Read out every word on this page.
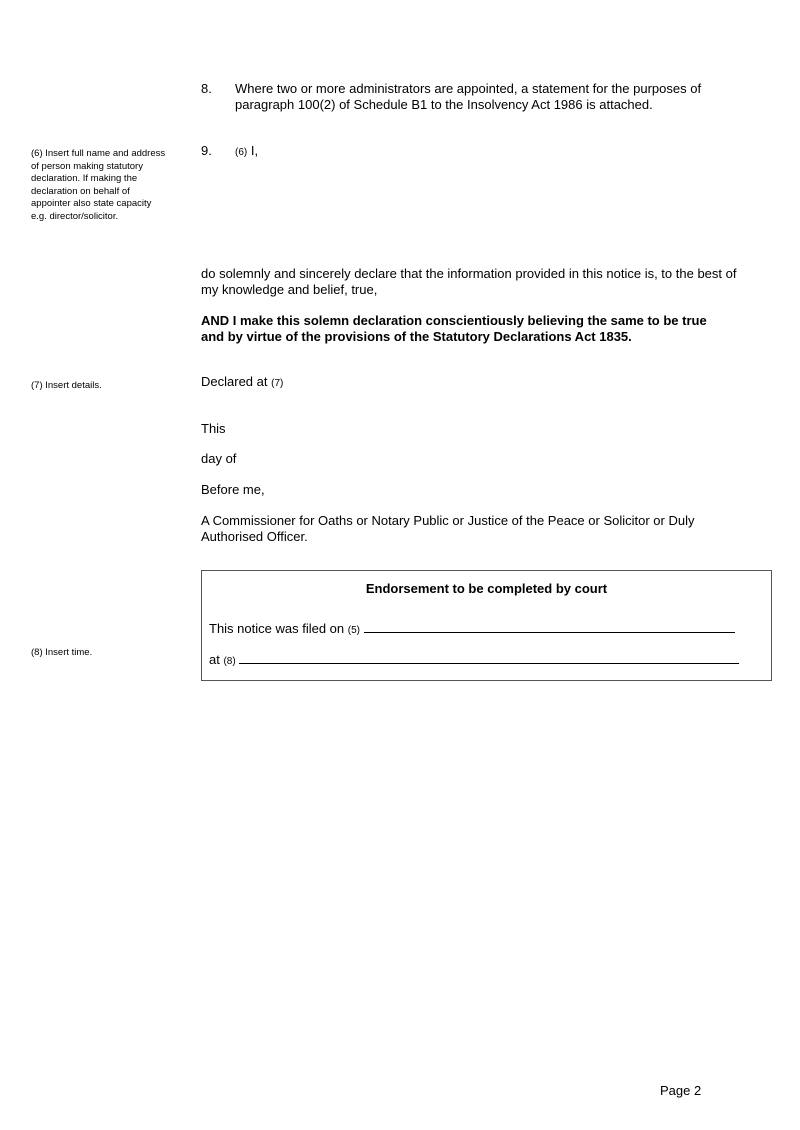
8. Where two or more administrators are appointed, a statement for the purposes of
paragraph 100(2) of Schedule B1 to the Insolvency Act 1986 is attached.
(6) Insert full name and address
of person making statutory
declaration. If making the
declaration on behalf of
appointer also state capacity
e.g. director/solicitor.
9. (6) I,
do solemnly and sincerely declare that the information provided in this notice is, to the best of
my knowledge and belief, true,
AND I make this solemn declaration conscientiously believing the same to be true
and by virtue of the provisions of the Statutory Declarations Act 1835.
(7) Insert details.	Declared at (7)
This
day of
Before me,
A Commissioner for Oaths or Notary Public or Justice of the Peace or Solicitor or Duly
Authorised Officer.
Endorsement to be completed by court
This notice was filed on (5)
at (8)
(8) Insert time.
Page 2
